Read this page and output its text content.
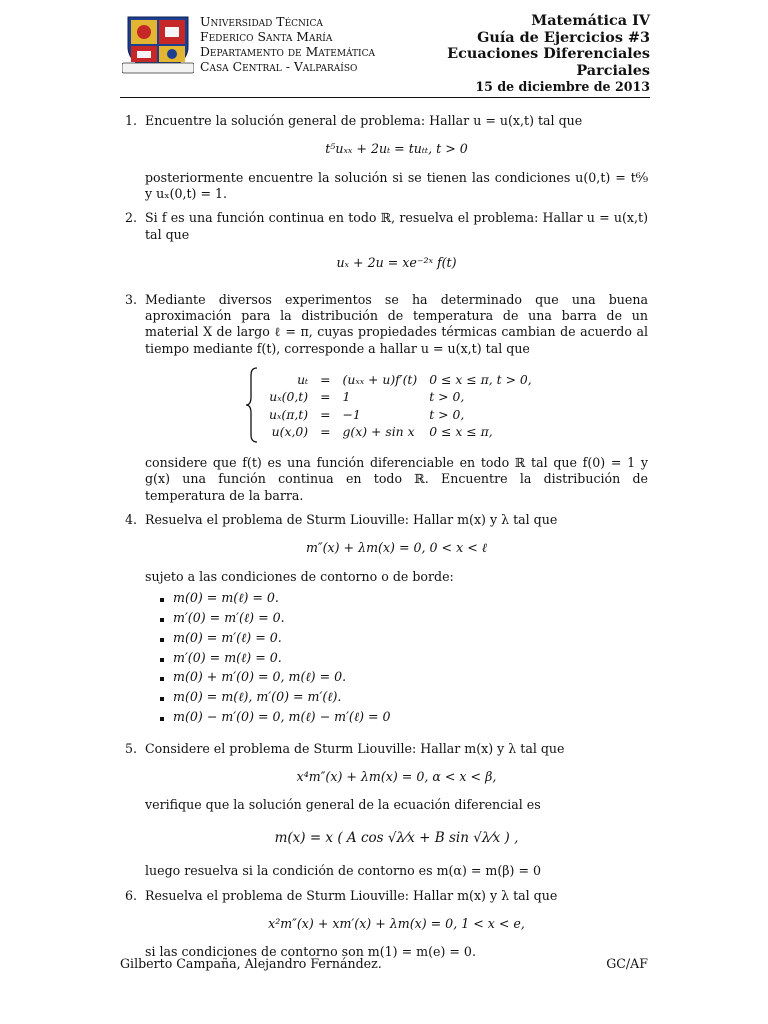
Universidad Técnica
Federico Santa María
Departamento de Matemática
Casa Central - Valparaíso
Matemática IV
Guía de Ejercicios #3
Ecuaciones Diferenciales
Parciales
15 de diciembre de 2013
1. Encuentre la solución general de problema: Hallar u = u(x,t) tal que

t⁵uₓₓ + 2uₜ = tuₜₜ, t > 0

posteriormente encuentre la solución si se tienen las condiciones u(0,t) = t⁶⁄₉ y uₓ(0,t) = 1.

2. Si f es una función continua en todo ℝ, resuelva el problema: Hallar u = u(x,t) tal que

uₓ + 2u = xe⁻²ˣ f(t)
3. Mediante diversos experimentos se ha determinado que una buena aproximación para la distribución de temperatura de una barra de un material X de largo ℓ = π, cuyas propiedades térmicas cambian de acuerdo al tiempo mediante f(t), corresponde a hallar u = u(x,t) tal que

uₜ	=	(uₓₓ + u)f′(t)	0 ≤ x ≤ π, t > 0,
uₓ(0,t)	=	1	t > 0,
uₓ(π,t)	=	−1	t > 0,
u(x,0)	=	g(x) + sin x	0 ≤ x ≤ π,

considere que f(t) es una función diferenciable en todo ℝ tal que f(0) = 1 y g(x) una función continua en todo ℝ. Encuentre la distribución de temperatura de la barra.

4. Resuelva el problema de Sturm Liouville: Hallar m(x) y λ tal que

m″(x) + λm(x) = 0, 0 < x < ℓ

sujeto a las condiciones de contorno o de borde:

m(0) = m(ℓ) = 0.
m′(0) = m′(ℓ) = 0.
m(0) = m′(ℓ) = 0.
m′(0) = m(ℓ) = 0.
m(0) + m′(0) = 0, m(ℓ) = 0.
m(0) = m(ℓ), m′(0) = m′(ℓ).
m(0) − m′(0) = 0, m(ℓ) − m′(ℓ) = 0
5. Considere el problema de Sturm Liouville: Hallar m(x) y λ tal que

x⁴m″(x) + λm(x) = 0, α < x < β,

verifique que la solución general de la ecuación diferencial es

m(x) = x ( A cos √λ⁄x + B sin √λ⁄x ) ,

luego resuelva si la condición de contorno es m(α) = m(β) = 0

6. Resuelva el problema de Sturm Liouville: Hallar m(x) y λ tal que

x²m″(x) + xm′(x) + λm(x) = 0, 1 < x < e,

si las condiciones de contorno son m(1) = m(e) = 0.

Gilberto Campaña, Alejandro Fernández.	GC/AF
